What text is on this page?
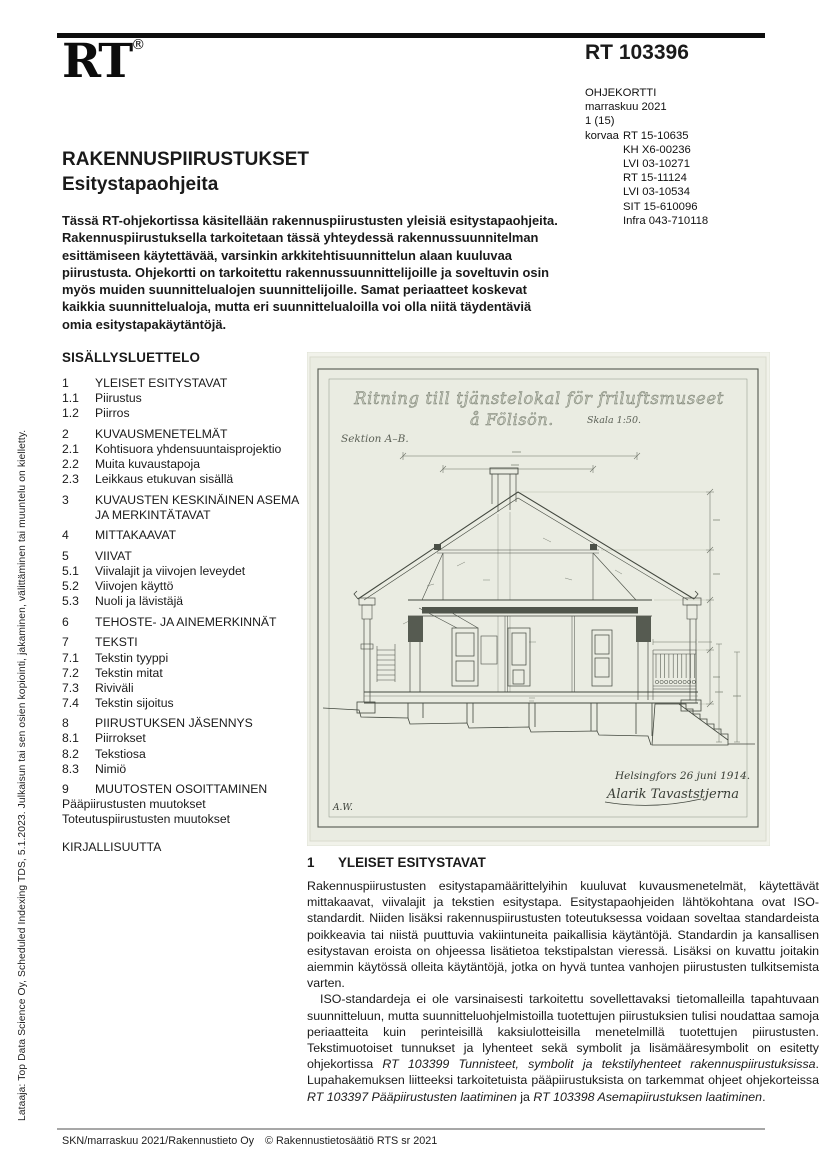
RT®	RT 103396
OHJEKORTTI
marraskuu 2021
1 (15)
korvaa RT 15-10635
KH X6-00236
LVI 03-10271
RT 15-11124
LVI 03-10534
SIT 15-610096
Infra 043-710118
RAKENNUSPIIRUSTUKSET
Esitystapaohjeita
Tässä RT-ohjekortissa käsitellään rakennuspiirustusten yleisiä esitystapaohjeita. Rakennuspiirustuksella tarkoitetaan tässä yhteydessä rakennussuunnitelman esittämiseen käytettävää, varsinkin arkkitehtisuunnittelun alaan kuuluvaa piirustusta. Ohjekortti on tarkoitettu rakennussuunnittelijoille ja soveltuvin osin myös muiden suunnittelualojen suunnittelijoille. Samat periaatteet koskevat kaikkia suunnittelualoja, mutta eri suunnittelualoilla voi olla niitä täydentäviä omia esitystapakäytäntöjä.
Lataaja: Top Data Science Oy, Scheduled Indexing TDS, 5.1.2023. Julkaisun tai sen osien kopiointi, jakaminen, välittäminen tai muuntelu on kielletty.
SISÄLLYSLUETTELO
1	YLEISET ESITYSTAVAT
1.1	Piirustus
1.2	Piirros
2	KUVAUSMENETELMÄT
2.1	Kohtisuora yhdensuuntaisprojektio
2.2	Muita kuvaustapoja
2.3	Leikkaus etukuvan sisällä
3	KUVAUSTEN KESKINÄINEN ASEMA JA MERKINTÄTAVAT
4	MITTAKAAVAT
5	VIIVAT
5.1	Viivalajit ja viivojen leveydet
5.2	Viivojen käyttö
5.3	Nuoli ja lävistäjä
6	TEHOSTE- JA AINEMERKINNÄT
7	TEKSTI
7.1	Tekstin tyyppi
7.2	Tekstin mitat
7.3	Riviväli
7.4	Tekstin sijoitus
8	PIIRUSTUKSEN JÄSENNYS
8.1	Piirrokset
8.2	Tekstiosa
8.3	Nimiö
9	MUUTOSTEN OSOITTAMINEN
Pääpiirustusten muutokset
Toteutuspiirustusten muutokset
KIRJALLISUUTTA
Ritning till tjänstelokal för friluftsmuseet
å Fölisön.	Skala 1:50.
Sektion A–B.
Helsingfors 26 juni 1914.
Alarik Tavaststjerna
A.W.
1	YLEISET ESITYSTAVAT

Rakennuspiirustusten esitystapamäärittelyihin kuuluvat kuvausmenetelmät, käytettävät mittakaavat, viivalajit ja tekstien esitystapa. Esitystapaohjeiden lähtökohtana ovat ISO-standardit. Niiden lisäksi rakennuspiirustusten toteutuksessa voidaan soveltaa standardeista poikkeavia tai niistä puuttuvia vakiintuneita paikallisia käytäntöjä. Standardin ja kansallisen esitystavan eroista on ohjeessa lisätietoa tekstipalstan vieressä. Lisäksi on kuvattu joitakin aiemmin käytössä olleita käytäntöjä, jotka on hyvä tuntea vanhojen piirustusten tulkitsemista varten.

ISO-standardeja ei ole varsinaisesti tarkoitettu sovellettavaksi tietomalleilla tapahtuvaan suunnitteluun, mutta suunnitteluohjelmistoilla tuotettujen piirustuksien tulisi noudattaa samoja periaatteita kuin perinteisillä kaksiulotteisilla menetelmillä tuotettujen piirustusten. Tekstimuotoiset tunnukset ja lyhenteet sekä symbolit ja lisämääresymbolit on esitetty ohjekortissa RT 103399 Tunnisteet, symbolit ja tekstilyhenteet rakennuspiirustuksissa. Lupahakemuksen liitteeksi tarkoitetuista pääpiirustuksista on tarkemmat ohjeet ohjekorteissa RT 103397 Pääpiirustusten laatiminen ja RT 103398 Asemapiirustuksen laatiminen.

SKN/marraskuu 2021/Rakennustieto Oy © Rakennustietosäätiö RTS sr 2021
